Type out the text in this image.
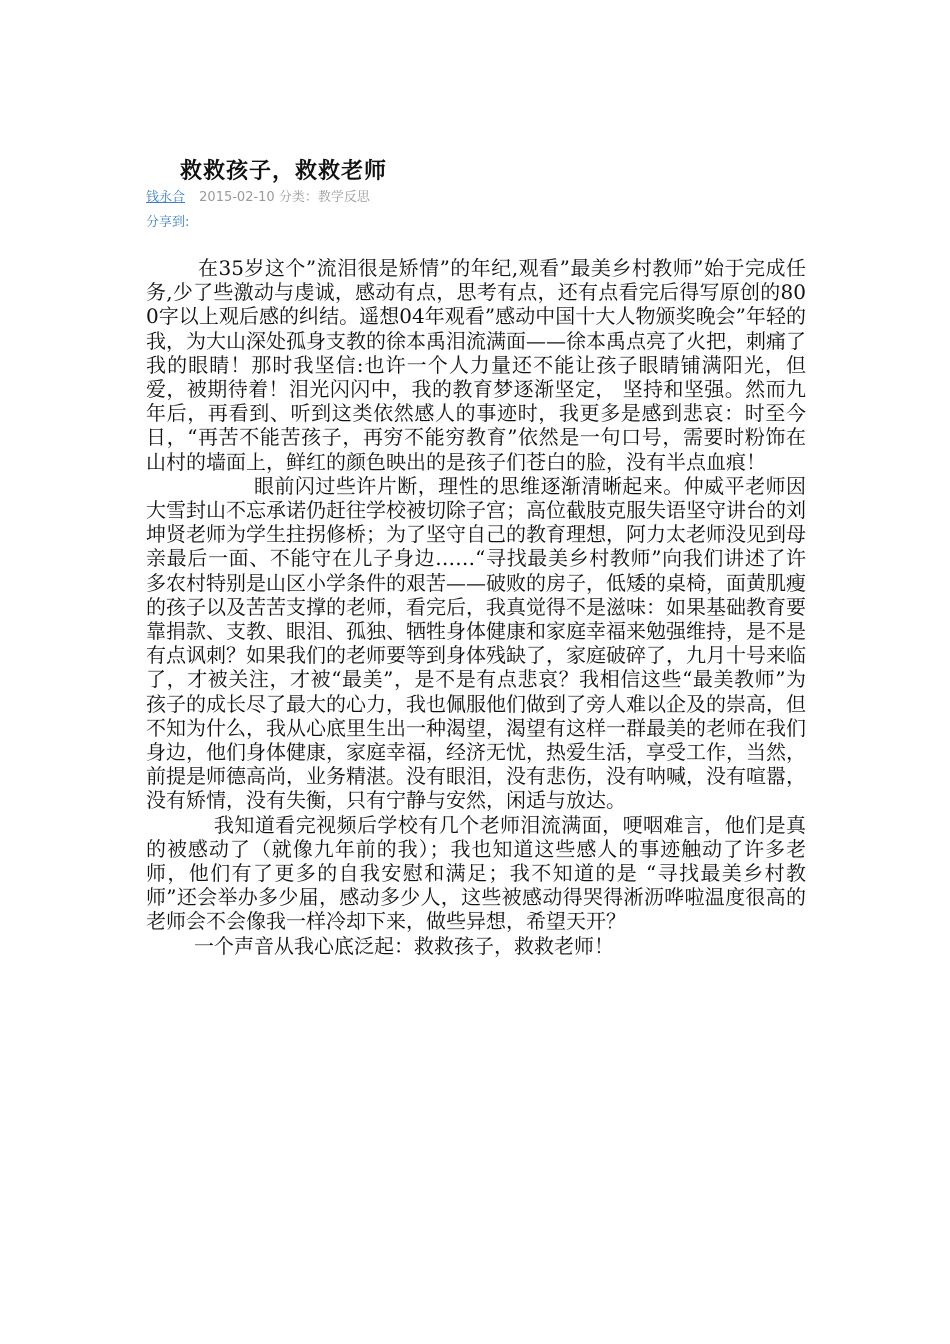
救救孩子，救救老师
钱永合 2015-02-10 分类：教学反思
分享到:

在35岁这个”流泪很是矫情”的年纪,观看”最美乡村教师”始于完成任务,少了些激动与虔诚，感动有点，思考有点，还有点看完后得写原创的800字以上观后感的纠结。遥想04年观看”感动中国十大人物颁奖晚会”年轻的我，为大山深处孤身支教的徐本禹泪流满面——徐本禹点亮了火把，刺痛了我的眼睛！那时我坚信:也许一个人力量还不能让孩子眼睛铺满阳光，但爱，被期待着！泪光闪闪中，我的教育梦逐渐坚定， 坚持和坚强。然而九年后，再看到、听到这类依然感人的事迹时，我更多是感到悲哀：时至今日，“再苦不能苦孩子，再穷不能穷教育”依然是一句口号，需要时粉饰在山村的墙面上，鲜红的颜色映出的是孩子们苍白的脸，没有半点血痕！

眼前闪过些许片断，理性的思维逐渐清晰起来。仲威平老师因大雪封山不忘承诺仍赶往学校被切除子宫；高位截肢克服失语坚守讲台的刘坤贤老师为学生拄拐修桥；为了坚守自己的教育理想，阿力太老师没见到母亲最后一面、不能守在儿子身边……“寻找最美乡村教师”向我们讲述了许多农村特别是山区小学条件的艰苦——破败的房子，低矮的桌椅，面黄肌瘦的孩子以及苦苦支撑的老师，看完后，我真觉得不是滋味：如果基础教育要靠捐款、支教、眼泪、孤独、牺牲身体健康和家庭幸福来勉强维持，是不是有点讽刺？如果我们的老师要等到身体残缺了，家庭破碎了，九月十号来临了，才被关注，才被“最美”，是不是有点悲哀？我相信这些“最美教师”为孩子的成长尽了最大的心力，我也佩服他们做到了旁人难以企及的崇高，但不知为什么，我从心底里生出一种渴望，渴望有这样一群最美的老师在我们身边，他们身体健康，家庭幸福，经济无忧，热爱生活，享受工作，当然，前提是师德高尚，业务精湛。没有眼泪，没有悲伤，没有呐喊，没有喧嚣，没有矫情，没有失衡，只有宁静与安然，闲适与放达。

我知道看完视频后学校有几个老师泪流满面，哽咽难言，他们是真的被感动了（就像九年前的我）；我也知道这些感人的事迹触动了许多老师，他们有了更多的自我安慰和满足；我不知道的是 “寻找最美乡村教师”还会举办多少届，感动多少人，这些被感动得哭得淅沥哗啦温度很高的老师会不会像我一样冷却下来，做些异想，希望天开？

一个声音从我心底泛起：救救孩子，救救老师！
